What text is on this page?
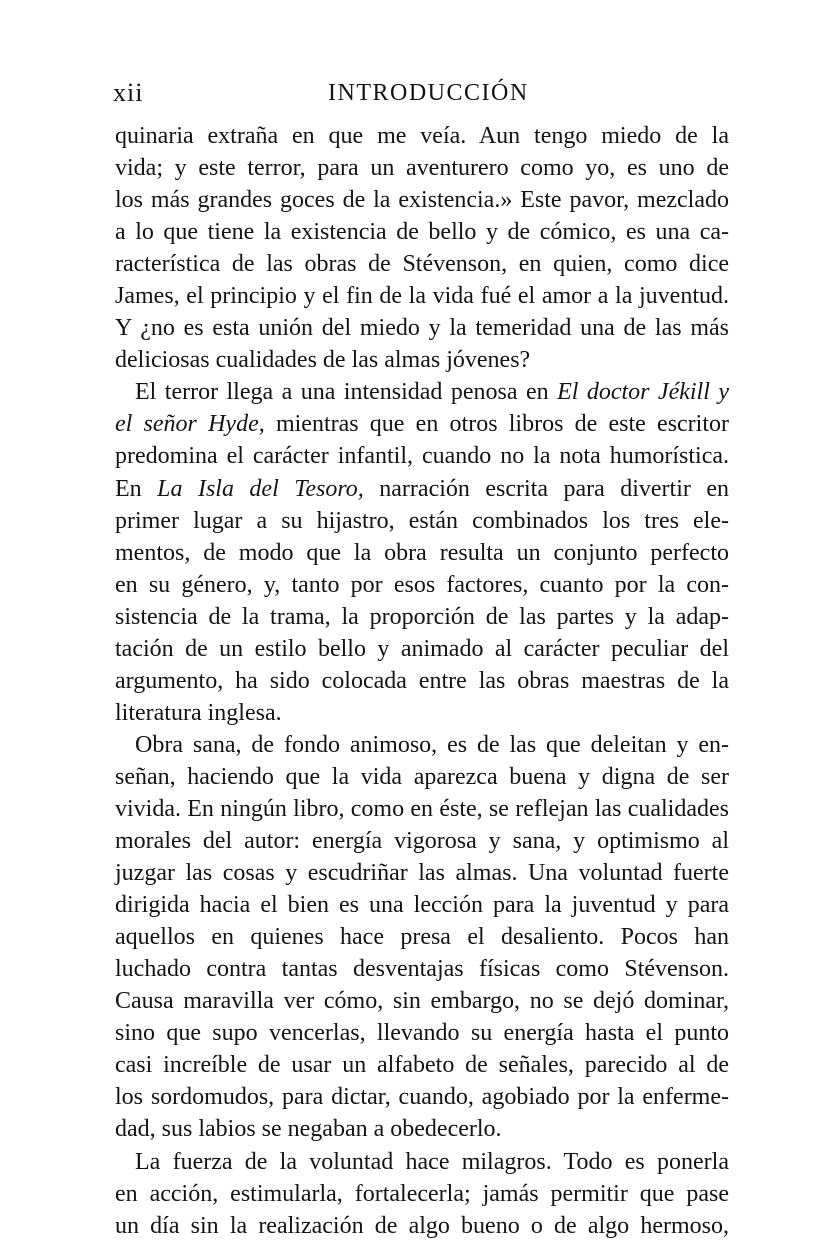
xii	INTRODUCCIÓN
quinaria extraña en que me veía. Aun tengo miedo de la
vida; y este terror, para un aventurero como yo, es uno de
los más grandes goces de la existencia.» Este pavor, mezclado
a lo que tiene la existencia de bello y de cómico, es una ca-
racterística de las obras de Stévenson, en quien, como dice
James, el principio y el fin de la vida fué el amor a la juventud.
Y ¿no es esta unión del miedo y la temeridad una de las más
deliciosas cualidades de las almas jóvenes?
El terror llega a una intensidad penosa en El doctor Jékill y
el señor Hyde, mientras que en otros libros de este escritor
predomina el carácter infantil, cuando no la nota humorística.
En La Isla del Tesoro, narración escrita para divertir en
primer lugar a su hijastro, están combinados los tres ele-
mentos, de modo que la obra resulta un conjunto perfecto
en su género, y, tanto por esos factores, cuanto por la con-
sistencia de la trama, la proporción de las partes y la adap-
tación de un estilo bello y animado al carácter peculiar del
argumento, ha sido colocada entre las obras maestras de la
literatura inglesa.
Obra sana, de fondo animoso, es de las que deleitan y en-
señan, haciendo que la vida aparezca buena y digna de ser
vivida. En ningún libro, como en éste, se reflejan las cualidades
morales del autor: energía vigorosa y sana, y optimismo al
juzgar las cosas y escudriñar las almas. Una voluntad fuerte
dirigida hacia el bien es una lección para la juventud y para
aquellos en quienes hace presa el desaliento. Pocos han
luchado contra tantas desventajas físicas como Stévenson.
Causa maravilla ver cómo, sin embargo, no se dejó dominar,
sino que supo vencerlas, llevando su energía hasta el punto
casi increíble de usar un alfabeto de señales, parecido al de
los sordomudos, para dictar, cuando, agobiado por la enferme-
dad, sus labios se negaban a obedecerlo.
La fuerza de la voluntad hace milagros. Todo es ponerla
en acción, estimularla, fortalecerla; jamás permitir que pase
un día sin la realización de algo bueno o de algo hermoso,
